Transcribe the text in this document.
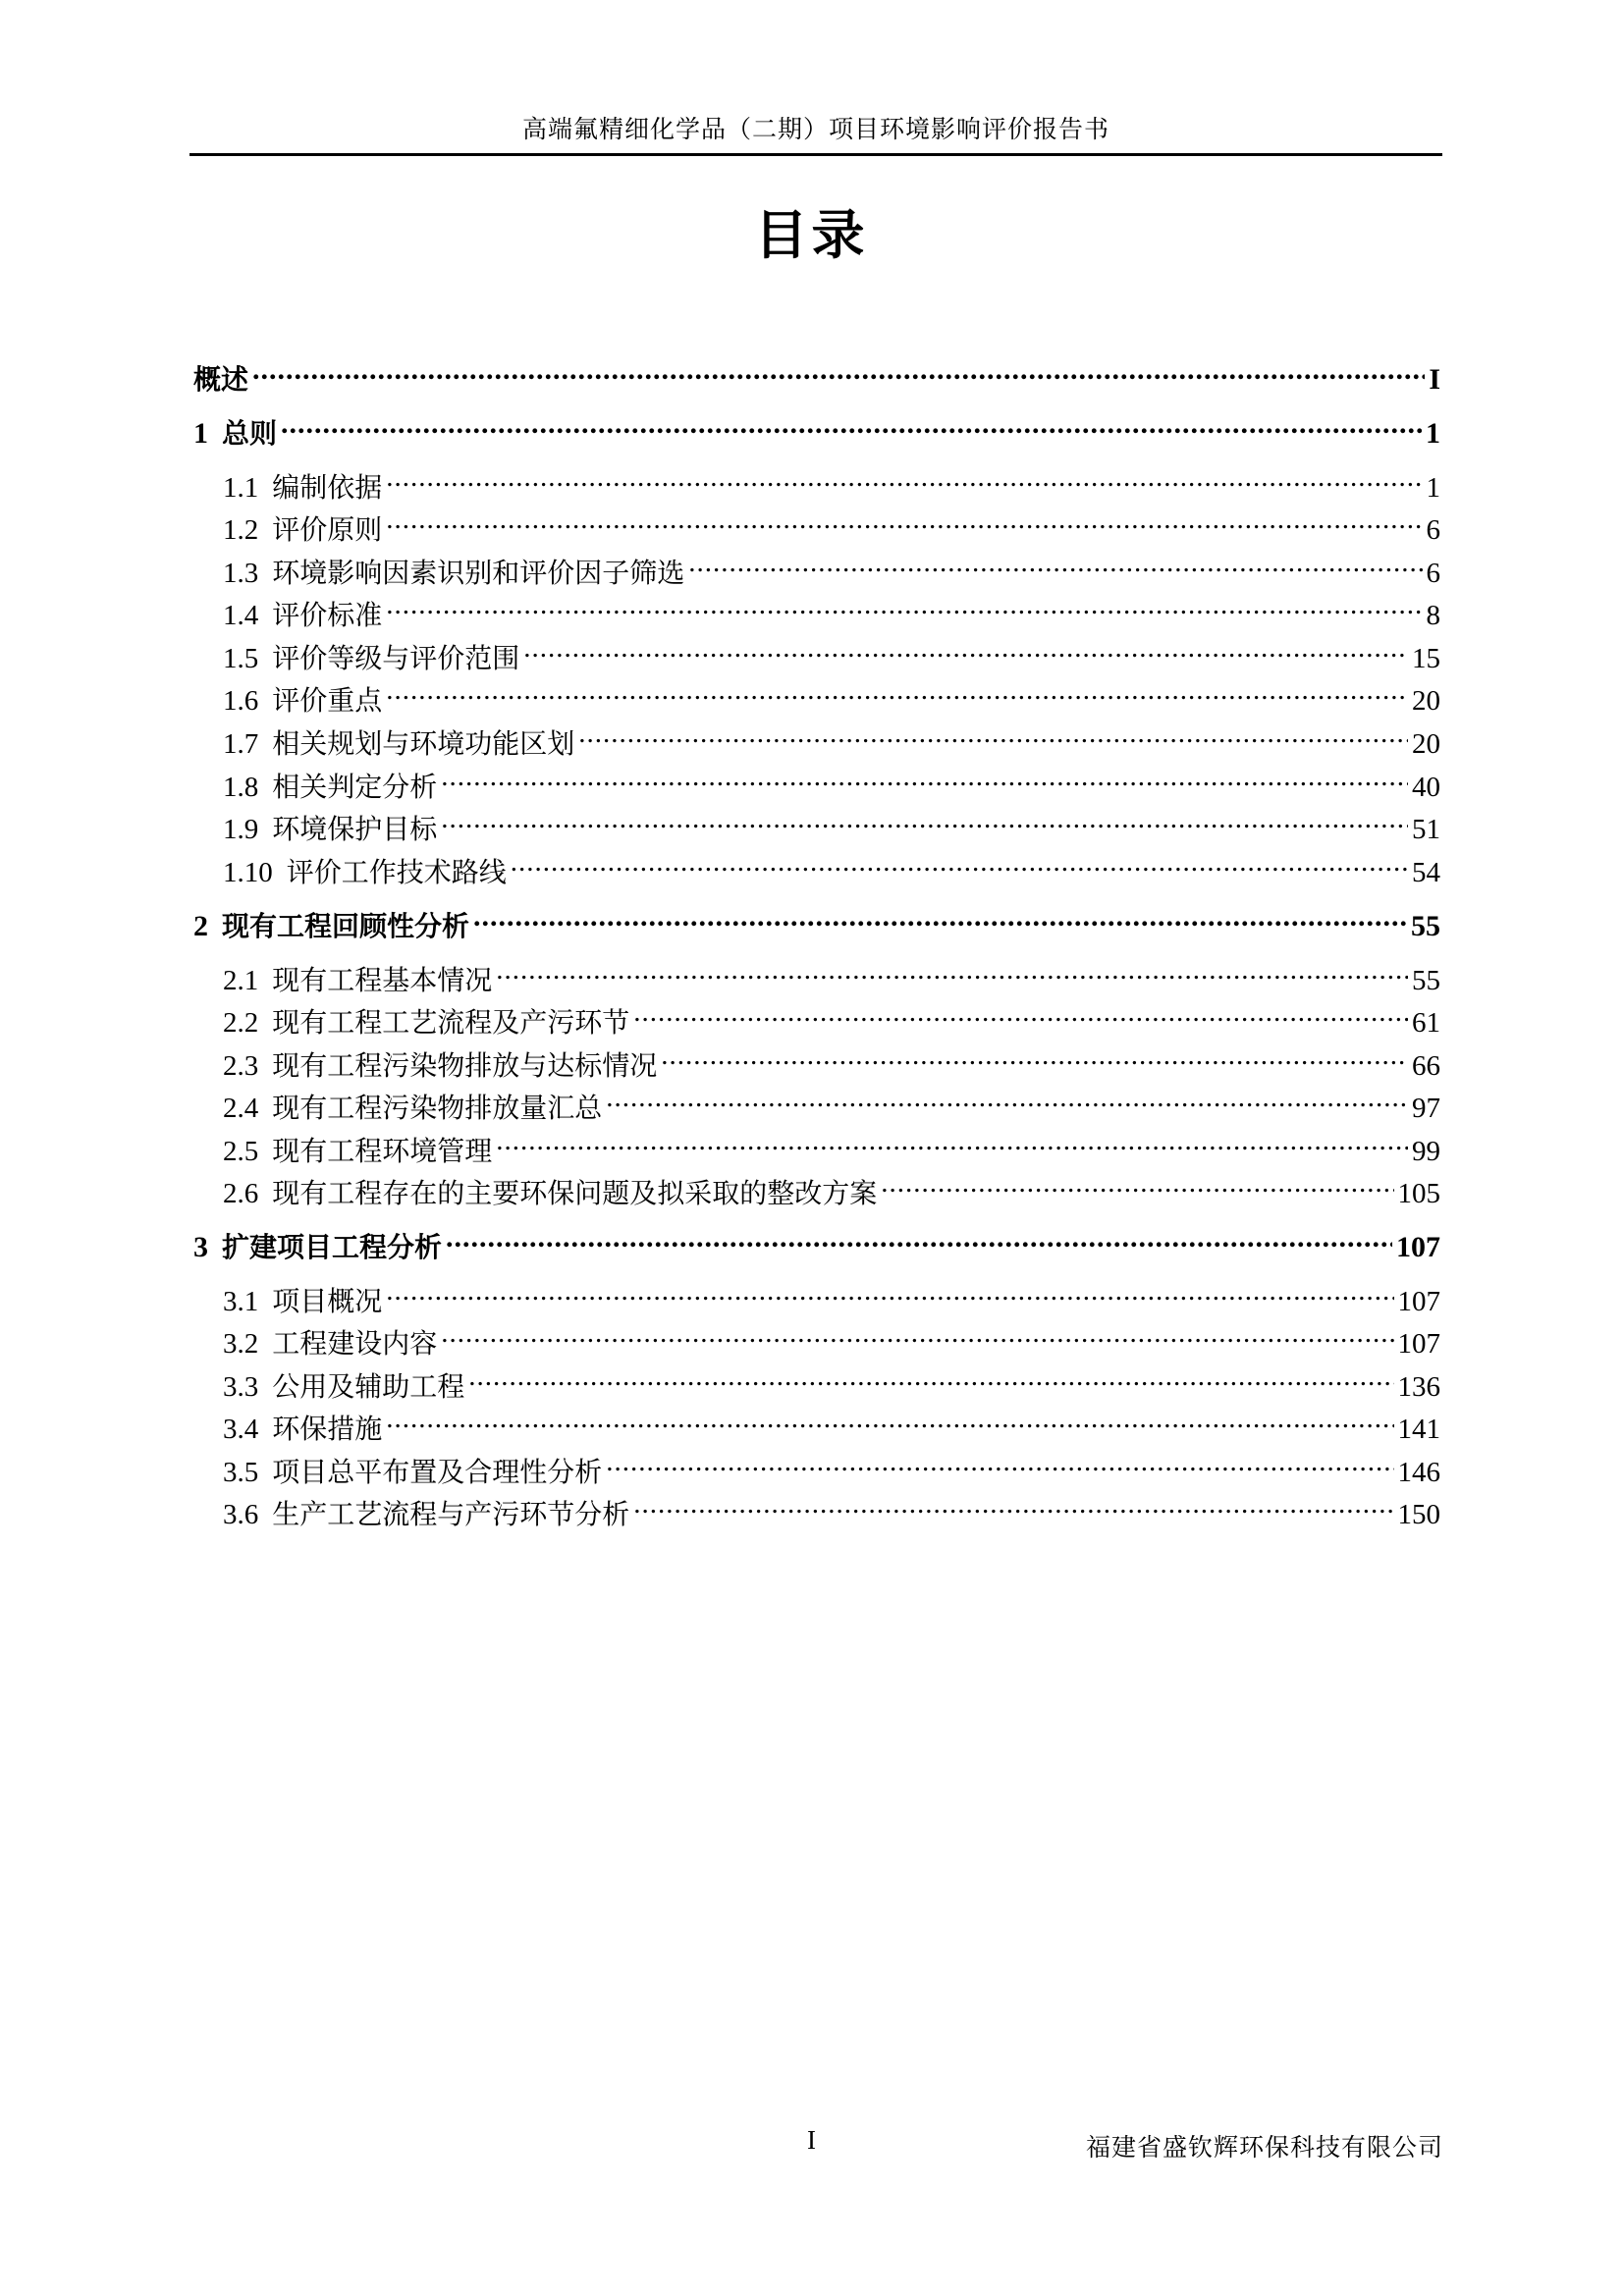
高端氟精细化学品（二期）项目环境影响评价报告书
目录
概述 .....	I
1 总则 .....	1
1.1 编制依据 .....	1
1.2 评价原则 .....	6
1.3 环境影响因素识别和评价因子筛选 .....	6
1.4 评价标准 .....	8
1.5 评价等级与评价范围 .....	15
1.6 评价重点 .....	20
1.7 相关规划与环境功能区划 .....	20
1.8 相关判定分析 .....	40
1.9 环境保护目标 .....	51
1.10 评价工作技术路线 .....	54
2 现有工程回顾性分析 .....	55
2.1 现有工程基本情况 .....	55
2.2 现有工程工艺流程及产污环节 .....	61
2.3 现有工程污染物排放与达标情况 .....	66
2.4 现有工程污染物排放量汇总 .....	97
2.5 现有工程环境管理 .....	99
2.6 现有工程存在的主要环保问题及拟采取的整改方案 .....	105
3 扩建项目工程分析 .....	107
3.1 项目概况 .....	107
3.2 工程建设内容 .....	107
3.3 公用及辅助工程 .....	136
3.4 环保措施 .....	141
3.5 项目总平布置及合理性分析 .....	146
3.6 生产工艺流程与产污环节分析 .....	150
I	福建省盛钦辉环保科技有限公司
